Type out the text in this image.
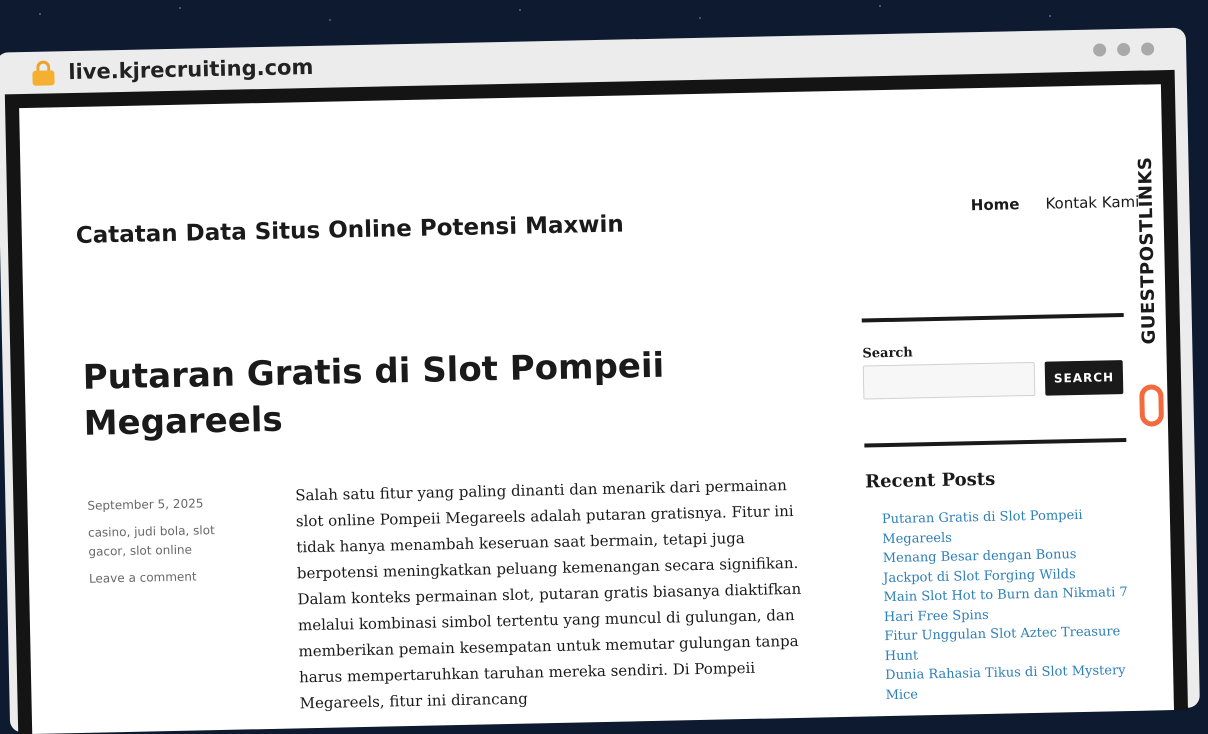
live.kjrecruiting.com
Catatan Data Situs Online Potensi Maxwin
Home Kontak Kami
Putaran Gratis di Slot Pompeii Megareels
September 5, 2025
casino, judi bola, slot gacor, slot online
Leave a comment
Salah satu fitur yang paling dinanti dan menarik dari permainan slot online Pompeii Megareels adalah putaran gratisnya. Fitur ini tidak hanya menambah keseruan saat bermain, tetapi juga berpotensi meningkatkan peluang kemenangan secara signifikan. Dalam konteks permainan slot, putaran gratis biasanya diaktifkan melalui kombinasi simbol tertentu yang muncul di gulungan, dan memberikan pemain kesempatan untuk memutar gulungan tanpa harus mempertaruhkan taruhan mereka sendiri. Di Pompeii Megareels, fitur ini dirancang
Search
SEARCH
Recent Posts
Putaran Gratis di Slot Pompeii Megareels
Menang Besar dengan Bonus Jackpot di Slot Forging Wilds
Main Slot Hot to Burn dan Nikmati 7 Hari Free Spins
Fitur Unggulan Slot Aztec Treasure Hunt
Dunia Rahasia Tikus di Slot Mystery Mice
GUESTPOSTLINKS
